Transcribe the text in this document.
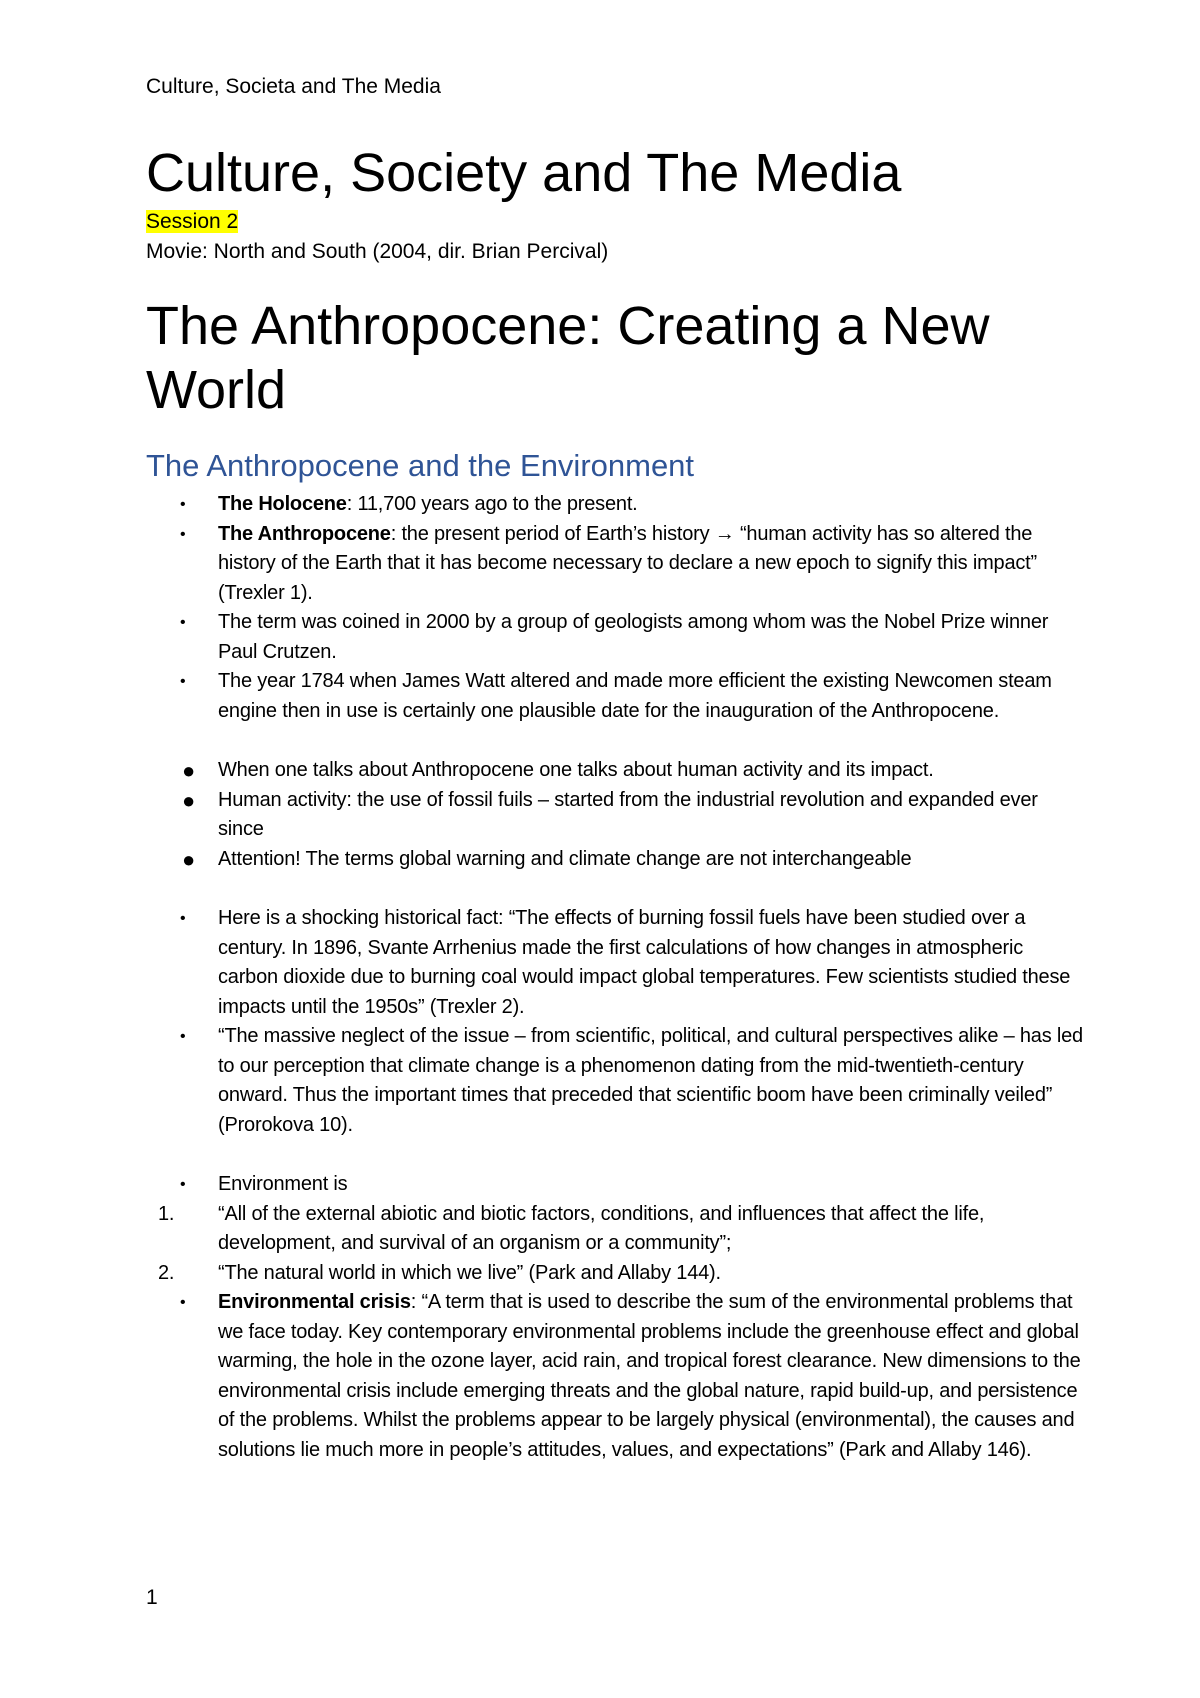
Culture, Societa and The Media
Culture, Society and The Media
Session 2
Movie: North and South (2004, dir. Brian Percival)
The Anthropocene: Creating a New World
The Anthropocene and the Environment
• The Holocene: 11,700 years ago to the present.
• The Anthropocene: the present period of Earth’s history → “human activity has so altered the history of the Earth that it has become necessary to declare a new epoch to signify this impact” (Trexler 1).
• The term was coined in 2000 by a group of geologists among whom was the Nobel Prize winner Paul Crutzen.
• The year 1784 when James Watt altered and made more efficient the existing Newcomen steam engine then in use is certainly one plausible date for the inauguration of the Anthropocene.
● When one talks about Anthropocene one talks about human activity and its impact.
● Human activity: the use of fossil fuils – started from the industrial revolution and expanded ever since
● Attention! The terms global warning and climate change are not interchangeable
• Here is a shocking historical fact: “The effects of burning fossil fuels have been studied over a century. In 1896, Svante Arrhenius made the first calculations of how changes in atmospheric carbon dioxide due to burning coal would impact global temperatures. Few scientists studied these impacts until the 1950s” (Trexler 2).
• “The massive neglect of the issue – from scientific, political, and cultural perspectives alike – has led to our perception that climate change is a phenomenon dating from the mid-twentieth-century onward. Thus the important times that preceded that scientific boom have been criminally veiled” (Prorokova 10).
• Environment is
1. “All of the external abiotic and biotic factors, conditions, and influences that affect the life, development, and survival of an organism or a community”;
2. “The natural world in which we live” (Park and Allaby 144).
• Environmental crisis: “A term that is used to describe the sum of the environmental problems that we face today. Key contemporary environmental problems include the greenhouse effect and global warming, the hole in the ozone layer, acid rain, and tropical forest clearance. New dimensions to the environmental crisis include emerging threats and the global nature, rapid build-up, and persistence of the problems. Whilst the problems appear to be largely physical (environmental), the causes and solutions lie much more in people’s attitudes, values, and expectations” (Park and Allaby 146).
1
